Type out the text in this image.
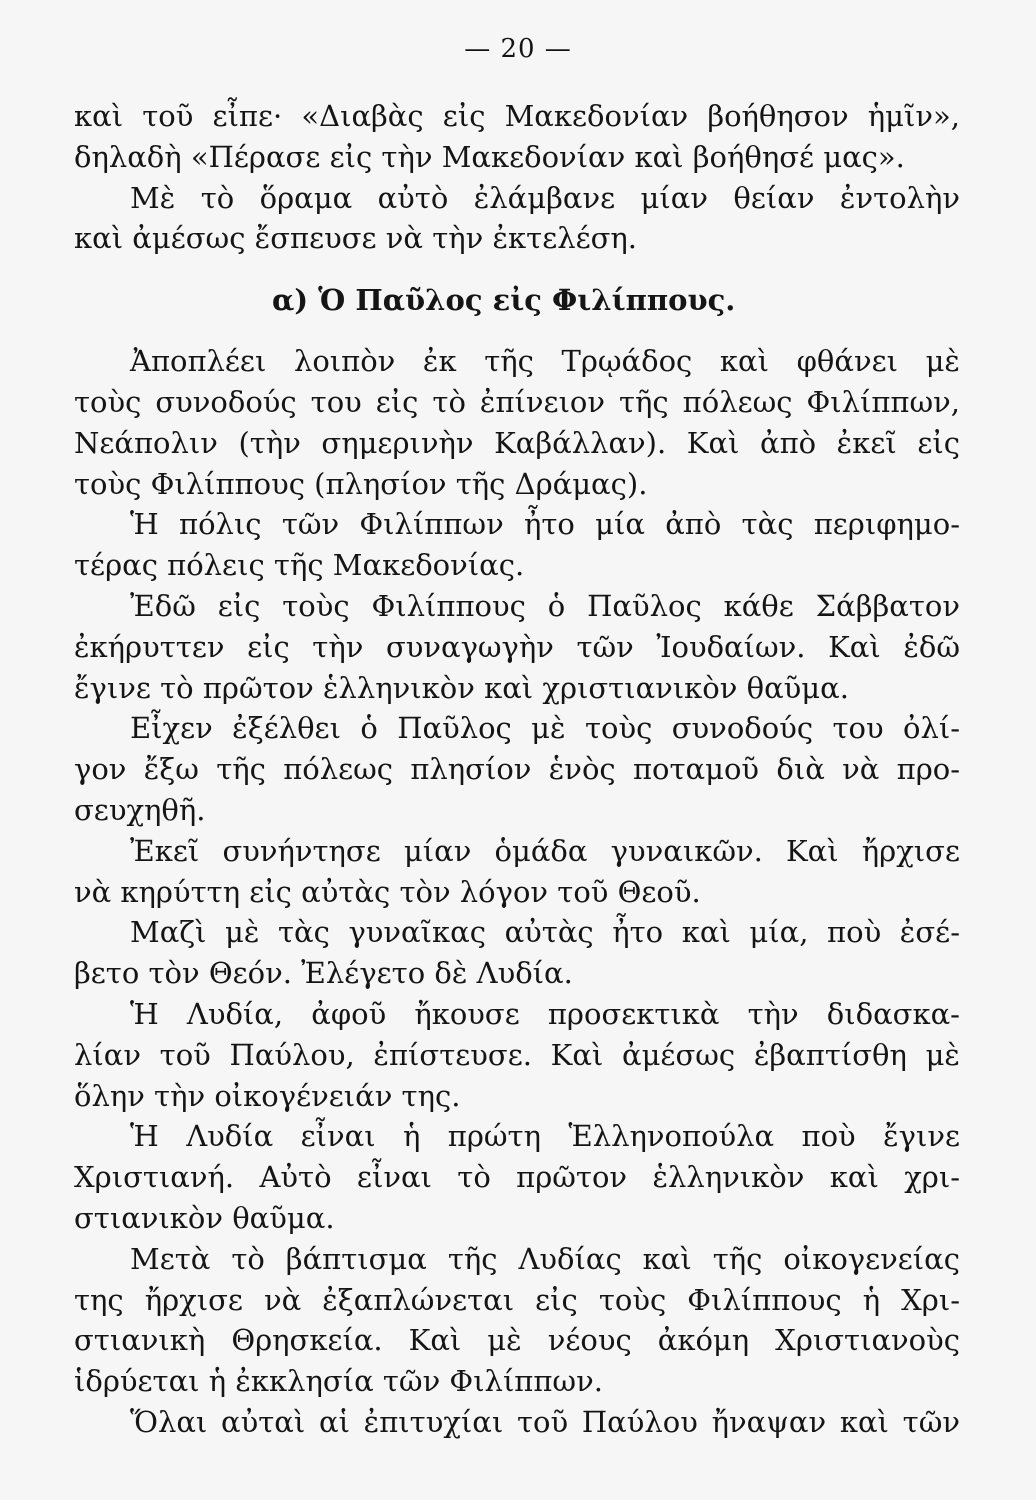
— 20 —
καὶ τοῦ εἶπε· «Διαβὰς εἰς Μακεδονίαν βοήθησον ἡμῖν»,
δηλαδὴ «Πέρασε εἰς τὴν Μακεδονίαν καὶ βοήθησέ μας».
Μὲ τὸ ὅραμα αὐτὸ ἐλάμβανε μίαν θείαν ἐντολὴν
καὶ ἀμέσως ἔσπευσε νὰ τὴν ἐκτελέση.
α) Ὁ Παῦλος εἰς Φιλίππους.
Ἀποπλέει λοιπὸν ἐκ τῆς Τρῳάδος καὶ φθάνει μὲ
τοὺς συνοδούς του εἰς τὸ ἐπίνειον τῆς πόλεως Φιλίππων,
Νεάπολιν (τὴν σημερινὴν Καβάλλαν). Καὶ ἀπὸ ἐκεῖ εἰς
τοὺς Φιλίππους (πλησίον τῆς Δράμας).
Ἡ πόλις τῶν Φιλίππων ἦτο μία ἀπὸ τὰς περιφημο-
τέρας πόλεις τῆς Μακεδονίας.
Ἐδῶ εἰς τοὺς Φιλίππους ὁ Παῦλος κάθε Σάββατον
ἐκήρυττεν εἰς τὴν συναγωγὴν τῶν Ἰουδαίων. Καὶ ἐδῶ
ἔγινε τὸ πρῶτον ἑλληνικὸν καὶ χριστιανικὸν θαῦμα.
Εἶχεν ἐξέλθει ὁ Παῦλος μὲ τοὺς συνοδούς του ὀλί-
γον ἔξω τῆς πόλεως πλησίον ἑνὸς ποταμοῦ διὰ νὰ προ-
σευχηθῆ.
Ἐκεῖ συνήντησε μίαν ὁμάδα γυναικῶν. Καὶ ἤρχισε
νὰ κηρύττη εἰς αὐτὰς τὸν λόγον τοῦ Θεοῦ.
Μαζὶ μὲ τὰς γυναῖκας αὐτὰς ἦτο καὶ μία, ποὺ ἐσέ-
βετο τὸν Θεόν. Ἐλέγετο δὲ Λυδία.
Ἡ Λυδία, ἀφοῦ ἤκουσε προσεκτικὰ τὴν διδασκα-
λίαν τοῦ Παύλου, ἐπίστευσε. Καὶ ἀμέσως ἐβαπτίσθη μὲ
ὅλην τὴν οἰκογένειάν της.
Ἡ Λυδία εἶναι ἡ πρώτη Ἑλληνοπούλα ποὺ ἔγινε
Χριστιανή. Αὐτὸ εἶναι τὸ πρῶτον ἑλληνικὸν καὶ χρι-
στιανικὸν θαῦμα.
Μετὰ τὸ βάπτισμα τῆς Λυδίας καὶ τῆς οἰκογενείας
της ἤρχισε νὰ ἐξαπλώνεται εἰς τοὺς Φιλίππους ἡ Χρι-
στιανικὴ Θρησκεία. Καὶ μὲ νέους ἀκόμη Χριστιανοὺς
ἱδρύεται ἡ ἐκκλησία τῶν Φιλίππων.
Ὅλαι αὐταὶ αἱ ἐπιτυχίαι τοῦ Παύλου ἤναψαν καὶ τῶν
